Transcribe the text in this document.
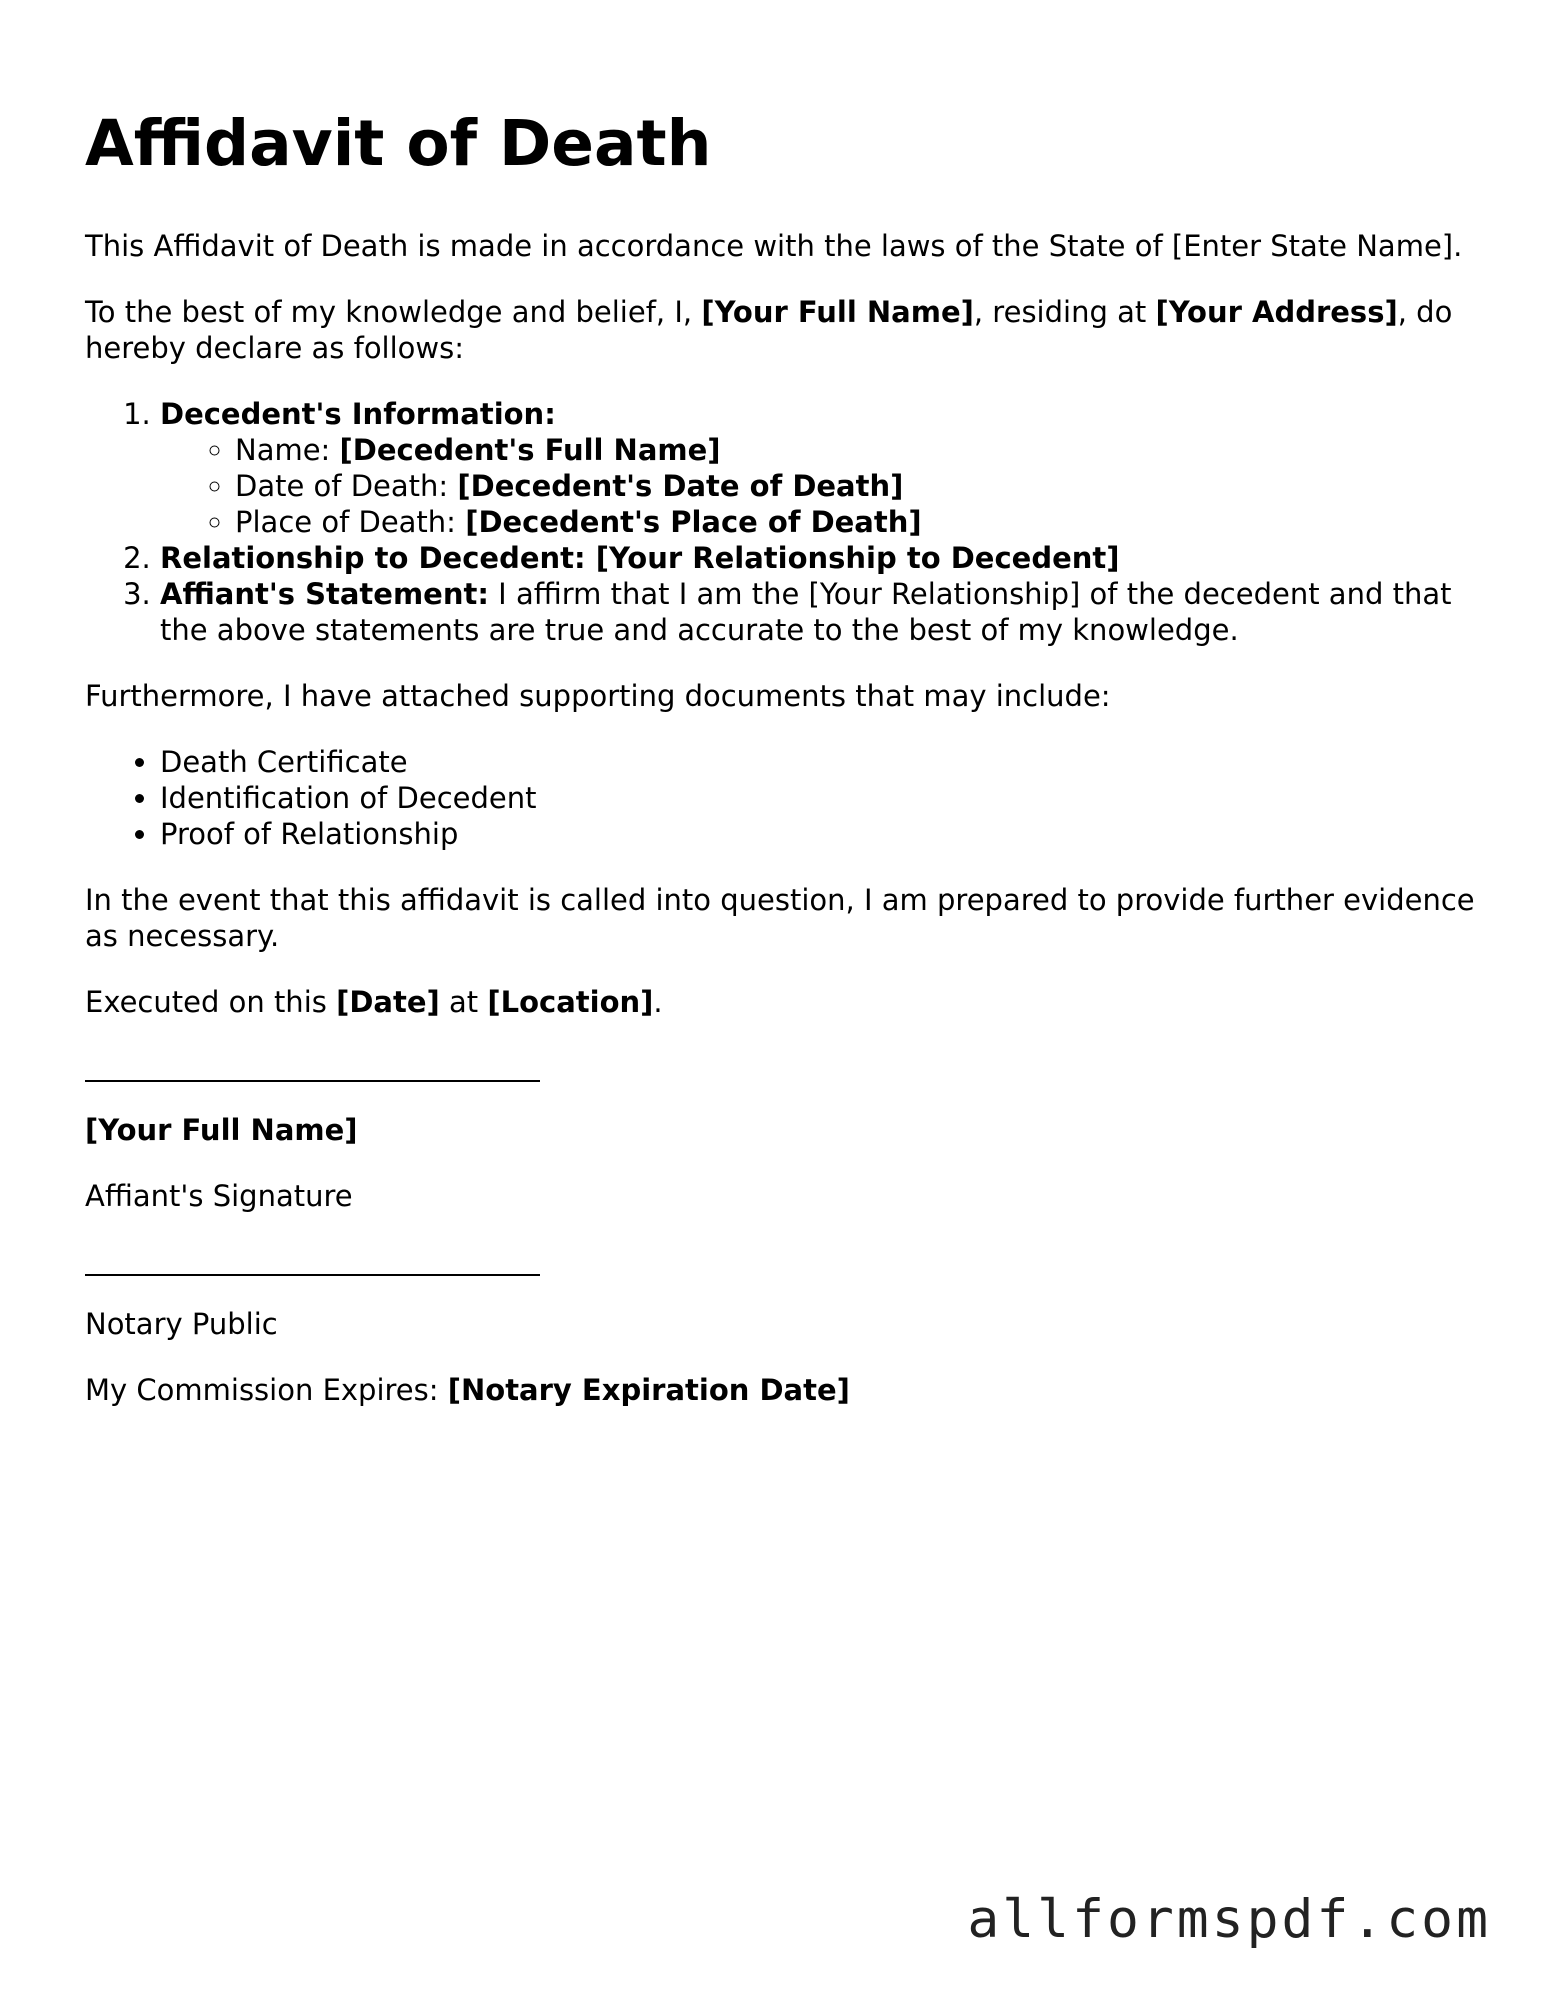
Affidavit of Death

This Affidavit of Death is made in accordance with the laws of the State of [Enter State Name].

To the best of my knowledge and belief, I, [Your Full Name], residing at [Your Address], do hereby declare as follows:

1. Decedent's Information:
◦ Name: [Decedent's Full Name]
◦ Date of Death: [Decedent's Date of Death]
◦ Place of Death: [Decedent's Place of Death]
2. Relationship to Decedent: [Your Relationship to Decedent]
3. Affiant's Statement: I affirm that I am the [Your Relationship] of the decedent and that the above statements are true and accurate to the best of my knowledge.

Furthermore, I have attached supporting documents that may include:

• Death Certificate
• Identification of Decedent
• Proof of Relationship

In the event that this affidavit is called into question, I am prepared to provide further evidence as necessary.

Executed on this [Date] at [Location].

[Your Full Name]

Affiant's Signature

Notary Public

My Commission Expires: [Notary Expiration Date]

allformspdf.com
